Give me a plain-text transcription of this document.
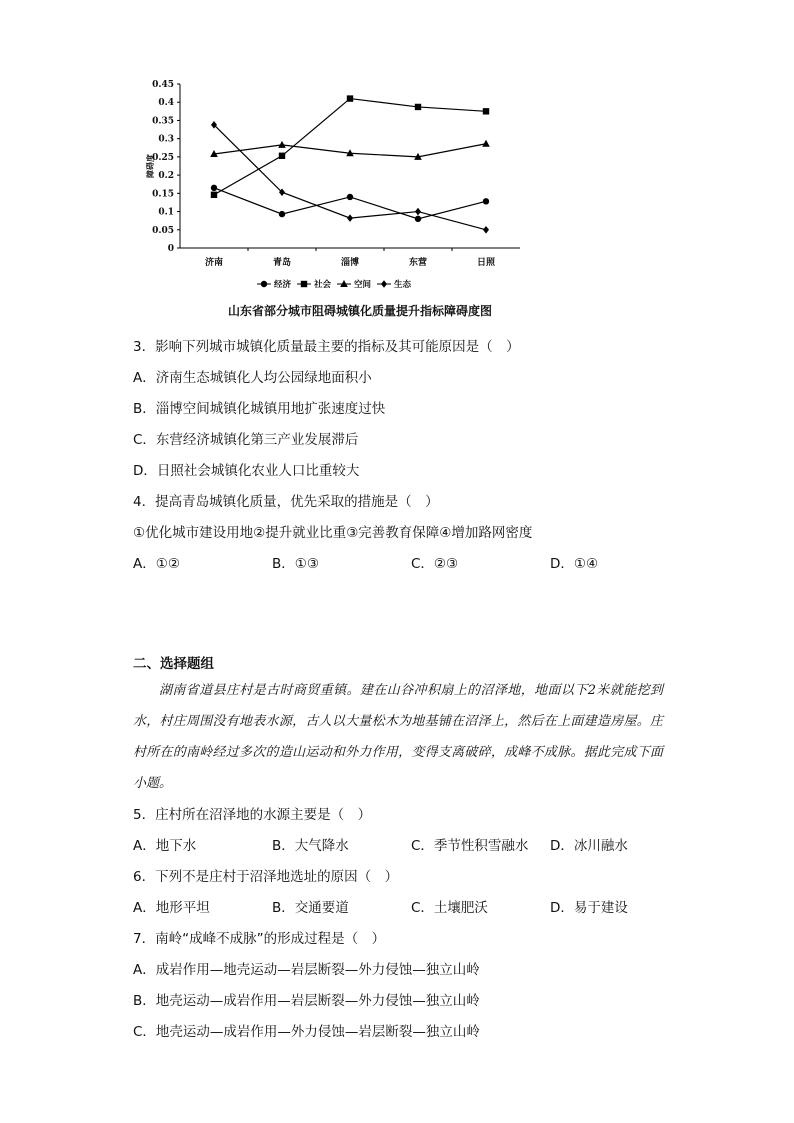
0
0.05
0.1
0.15
0.2
0.25
0.3
0.35
0.4
0.45
济南	青岛	淄博	东营	日照
经济	社会	空间	生态
障碍度
山东省部分城市阻碍城镇化质量提升指标障碍度图
3．影响下列城市城镇化质量最主要的指标及其可能原因是（　）
A．济南生态城镇化人均公园绿地面积小
B．淄博空间城镇化城镇用地扩张速度过快
C．东营经济城镇化第三产业发展滞后
D．日照社会城镇化农业人口比重较大
4．提高青岛城镇化质量，优先采取的措施是（　）
①优化城市建设用地②提升就业比重③完善教育保障④增加路网密度
A．①②	B．①③	C．②③	D．①④
二、选择题组
湖南省道县庄村是古时商贸重镇。建在山谷冲积扇上的沼泽地，地面以下2米就能挖到水，村庄周围没有地表水源，古人以大量松木为地基铺在沼泽上，然后在上面建造房屋。庄村所在的南岭经过多次的造山运动和外力作用，变得支离破碎，成峰不成脉。据此完成下面小题。
5．庄村所在沼泽地的水源主要是（　）
A．地下水	B．大气降水	C．季节性积雪融水 D．冰川融水
6．下列不是庄村于沼泽地选址的原因（　）
A．地形平坦	B．交通要道	C．土壤肥沃	D．易于建设
7．南岭“成峰不成脉”的形成过程是（　）
A．成岩作用—地壳运动—岩层断裂—外力侵蚀—独立山岭
B．地壳运动—成岩作用—岩层断裂—外力侵蚀—独立山岭
C．地壳运动—成岩作用—外力侵蚀—岩层断裂—独立山岭
